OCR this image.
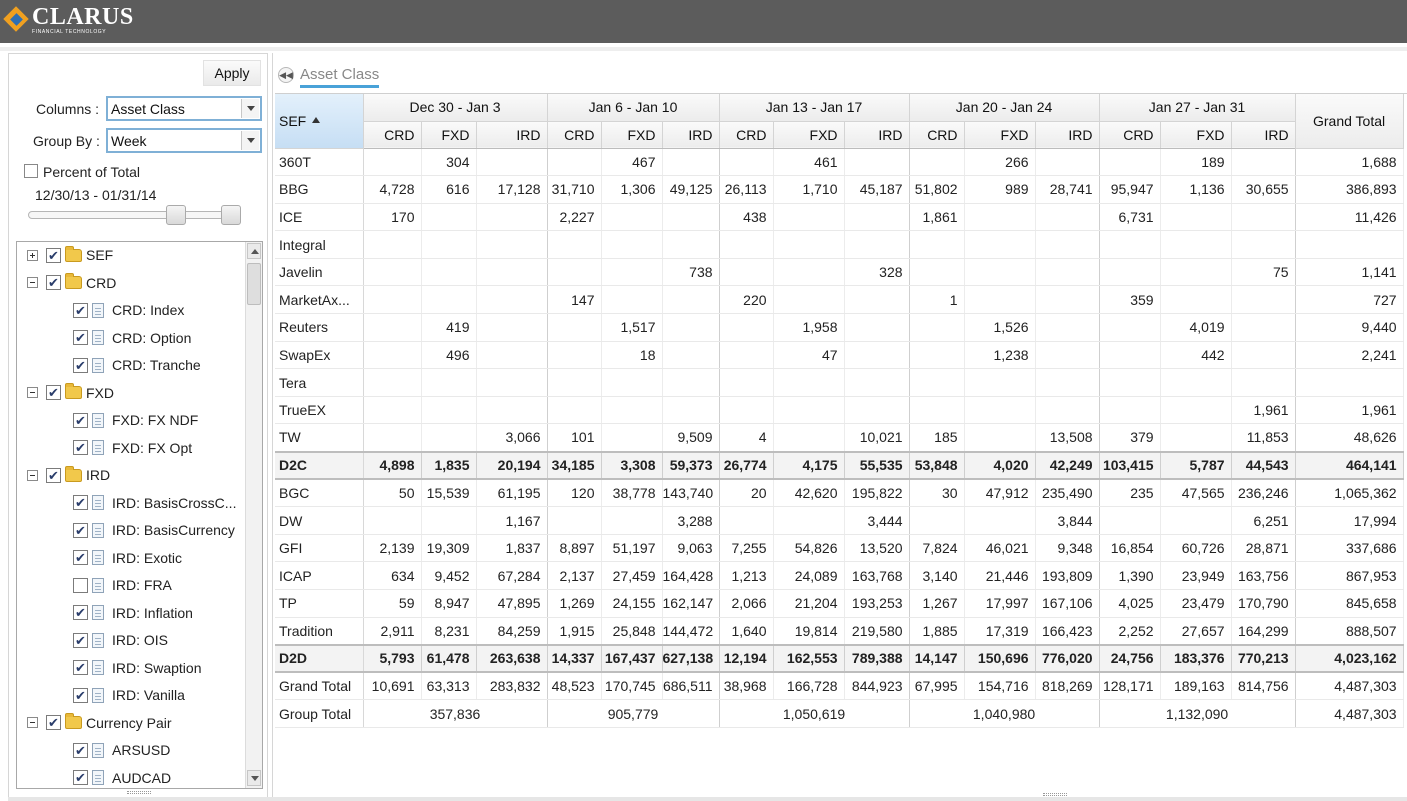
CLARUS
FINANCIAL TECHNOLOGY
Apply
Columns : Asset Class
Group By : Week
Percent of Total
12/30/13 - 01/31/14
✔ SEF
✔ CRD
✔ CRD: Index
✔ CRD: Option
✔ CRD: Tranche
✔ FXD
✔ FXD: FX NDF
✔ FXD: FX Opt
✔ IRD
✔ IRD: BasisCrossC...
✔ IRD: BasisCurrency
✔ IRD: Exotic
IRD: FRA
✔ IRD: Inflation
✔ IRD: OIS
✔ IRD: Swaption
✔ IRD: Vanilla
✔ Currency Pair
✔ ARSUSD
✔ AUDCAD
◀◀ Asset Class
SEF	Dec 30 - Jan 3			Jan 6 - Jan 10			Jan 13 - Jan 17			Jan 20 - Jan 24			Jan 27 - Jan 31			Grand Total
	CRD	FXD	IRD	CRD	FXD	IRD	CRD	FXD	IRD	CRD	FXD	IRD	CRD	FXD	IRD	
360T		304			467			461			266			189		1,688
BBG	4,728	616	17,128	31,710	1,306	49,125	26,113	1,710	45,187	51,802	989	28,741	95,947	1,136	30,655	386,893
ICE	170			2,227			438			1,861			6,731			11,426
Integral																
Javelin						738			328						75	1,141
MarketAx...				147			220			1			359			727
Reuters		419			1,517			1,958			1,526			4,019		9,440
SwapEx		496			18			47			1,238			442		2,241
Tera																
TrueEX															1,961	1,961
TW			3,066	101		9,509	4		10,021	185		13,508	379		11,853	48,626
D2C	4,898	1,835	20,194	34,185	3,308	59,373	26,774	4,175	55,535	53,848	4,020	42,249	103,415	5,787	44,543	464,141
BGC	50	15,539	61,195	120	38,778	143,740	20	42,620	195,822	30	47,912	235,490	235	47,565	236,246	1,065,362
DW			1,167			3,288			3,444			3,844			6,251	17,994
GFI	2,139	19,309	1,837	8,897	51,197	9,063	7,255	54,826	13,520	7,824	46,021	9,348	16,854	60,726	28,871	337,686
ICAP	634	9,452	67,284	2,137	27,459	164,428	1,213	24,089	163,768	3,140	21,446	193,809	1,390	23,949	163,756	867,953
TP	59	8,947	47,895	1,269	24,155	162,147	2,066	21,204	193,253	1,267	17,997	167,106	4,025	23,479	170,790	845,658
Tradition	2,911	8,231	84,259	1,915	25,848	144,472	1,640	19,814	219,580	1,885	17,319	166,423	2,252	27,657	164,299	888,507
D2D	5,793	61,478	263,638	14,337	167,437	627,138	12,194	162,553	789,388	14,147	150,696	776,020	24,756	183,376	770,213	4,023,162
Grand Total	10,691	63,313	283,832	48,523	170,745	686,511	38,968	166,728	844,923	67,995	154,716	818,269	128,171	189,163	814,756	4,487,303
Group Total	357,836			905,779			1,050,619			1,040,980			1,132,090			4,487,303
